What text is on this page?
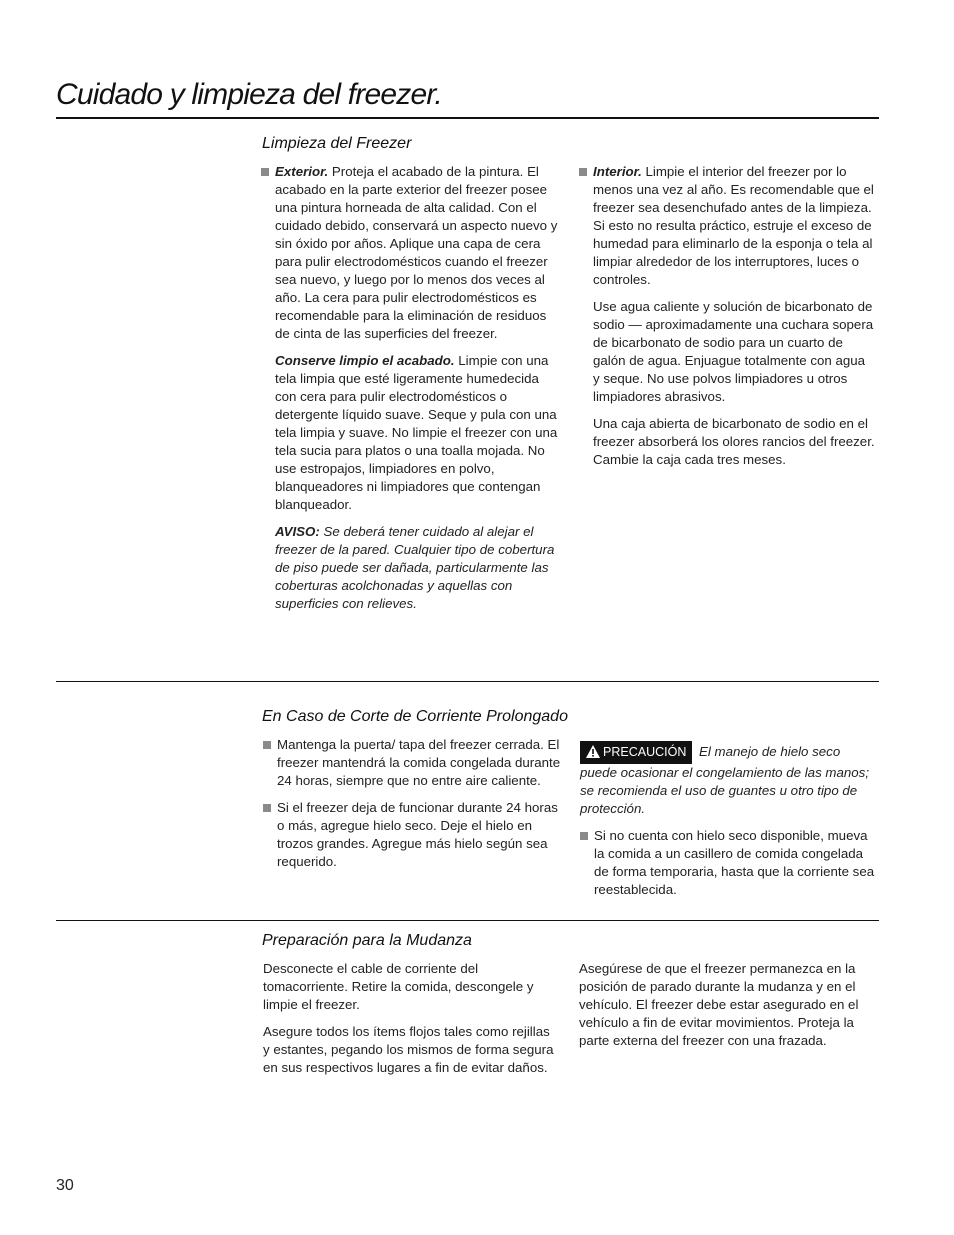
Cuidado y limpieza del freezer.
Limpieza del Freezer
Exterior. Proteja el acabado de la pintura. El acabado en la parte exterior del freezer posee una pintura horneada de alta calidad. Con el cuidado debido, conservará un aspecto nuevo y sin óxido por años. Aplique una capa de cera para pulir electrodomésticos cuando el freezer sea nuevo, y luego por lo menos dos veces al año. La cera para pulir electrodomésticos es recomendable para la eliminación de residuos de cinta de las superficies del freezer.

Conserve limpio el acabado. Limpie con una tela limpia que esté ligeramente humedecida con cera para pulir electrodomésticos o detergente líquido suave. Seque y pula con una tela limpia y suave. No limpie el freezer con una tela sucia para platos o una toalla mojada. No use estropajos, limpiadores en polvo, blanqueadores ni limpiadores que contengan blanqueador.

AVISO: Se deberá tener cuidado al alejar el freezer de la pared. Cualquier tipo de cobertura de piso puede ser dañada, particularmente las coberturas acolchonadas y aquellas con superficies con relieves.

Interior. Limpie el interior del freezer por lo menos una vez al año. Es recomendable que el freezer sea desenchufado antes de la limpieza. Si esto no resulta práctico, estruje el exceso de humedad para eliminarlo de la esponja o tela al limpiar alrededor de los interruptores, luces o controles.

Use agua caliente y solución de bicarbonato de sodio — aproximadamente una cuchara sopera de bicarbonato de sodio para un cuarto de galón de agua. Enjuague totalmente con agua y seque. No use polvos limpiadores u otros limpiadores abrasivos.

Una caja abierta de bicarbonato de sodio en el freezer absorberá los olores rancios del freezer. Cambie la caja cada tres meses.

En Caso de Corte de Corriente Prolongado
Mantenga la puerta/ tapa del freezer cerrada. El freezer mantendrá la comida congelada durante 24 horas, siempre que no entre aire caliente.
Si el freezer deja de funcionar durante 24 horas o más, agregue hielo seco. Deje el hielo en trozos grandes. Agregue más hielo según sea requerido.

PRECAUCIÓN El manejo de hielo seco puede ocasionar el congelamiento de las manos; se recomienda el uso de guantes u otro tipo de protección.

Si no cuenta con hielo seco disponible, mueva la comida a un casillero de comida congelada de forma temporaria, hasta que la corriente sea reestablecida.
Preparación para la Mudanza

Desconecte el cable de corriente del tomacorriente. Retire la comida, descongele y limpie el freezer.

Asegure todos los ítems flojos tales como rejillas y estantes, pegando los mismos de forma segura en sus respectivos lugares a fin de evitar daños.

Asegúrese de que el freezer permanezca en la posición de parado durante la mudanza y en el vehículo. El freezer debe estar asegurado en el vehículo a fin de evitar movimientos. Proteja la parte externa del freezer con una frazada.

30
